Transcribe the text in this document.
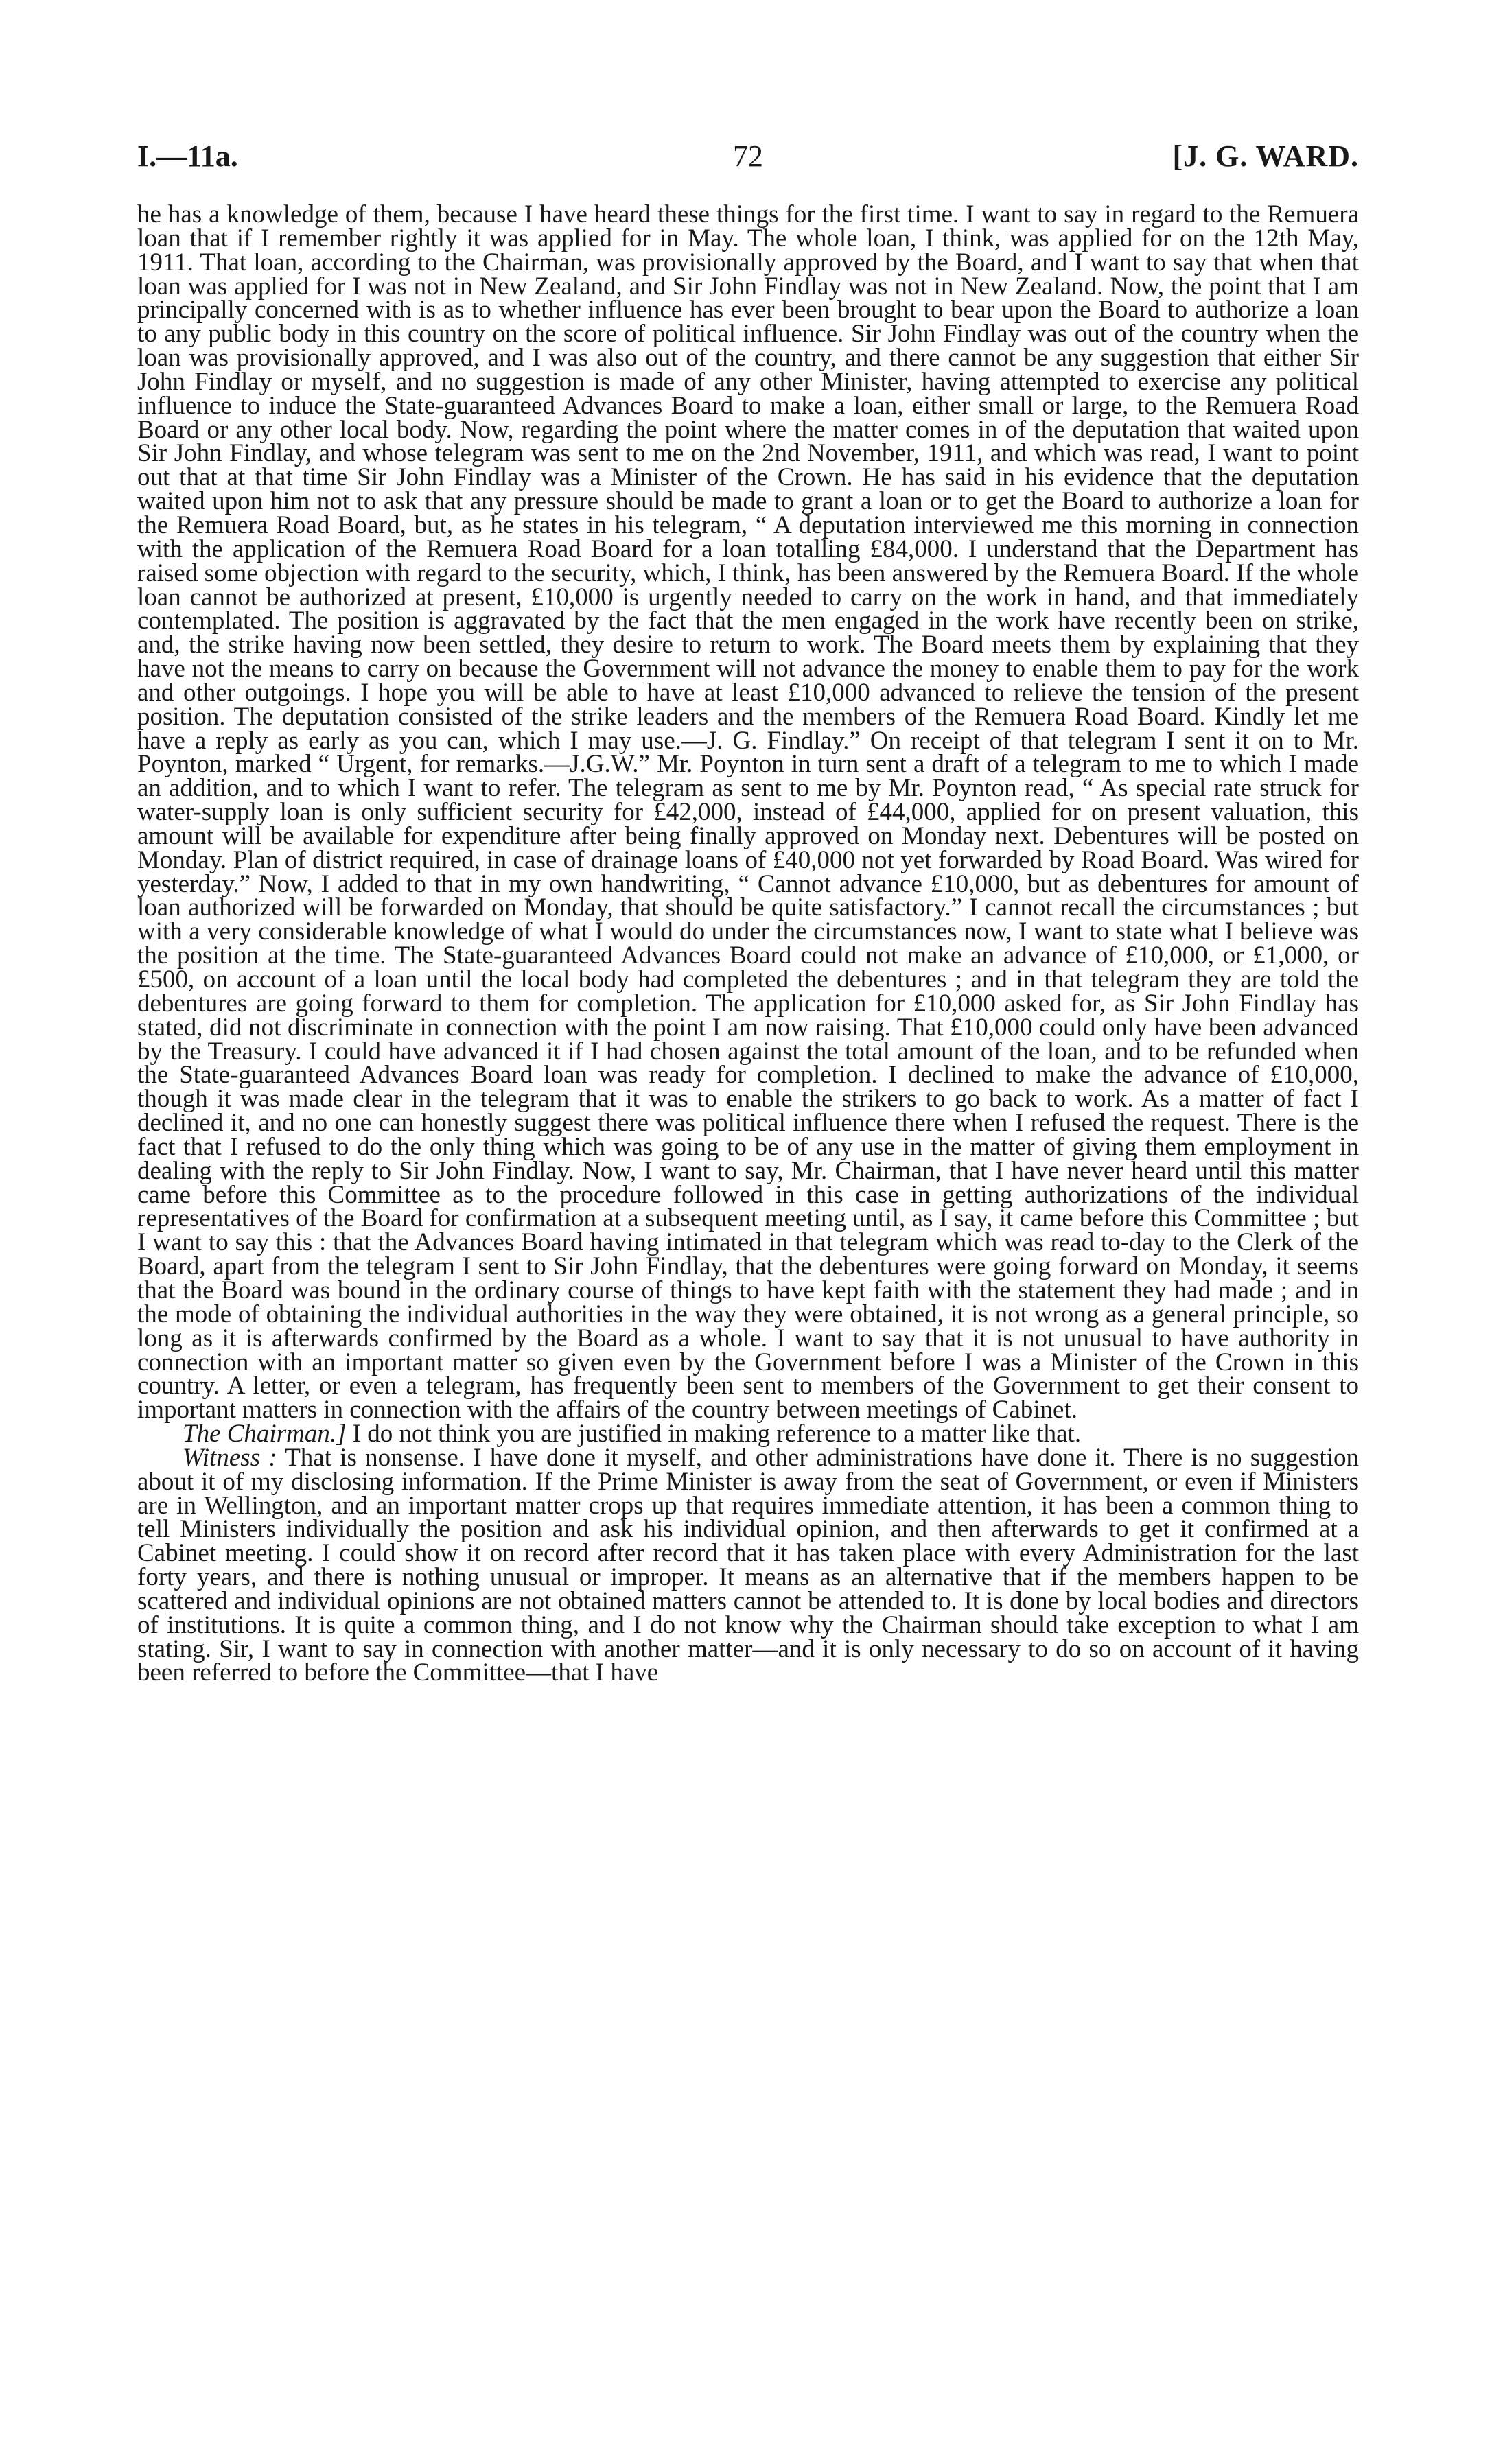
I.—11a.	72	[J. G. WARD.

he has a knowledge of them, because I have heard these things for the first time. I want to say in regard to the Remuera loan that if I remember rightly it was applied for in May. The whole loan, I think, was applied for on the 12th May, 1911. That loan, according to the Chairman, was provisionally approved by the Board, and I want to say that when that loan was applied for I was not in New Zealand, and Sir John Findlay was not in New Zealand. Now, the point that I am principally concerned with is as to whether influence has ever been brought to bear upon the Board to authorize a loan to any public body in this country on the score of political influence. Sir John Findlay was out of the country when the loan was provisionally approved, and I was also out of the country, and there cannot be any suggestion that either Sir John Findlay or myself, and no suggestion is made of any other Minister, having attempted to exercise any political influence to induce the State-guaranteed Advances Board to make a loan, either small or large, to the Remuera Road Board or any other local body. Now, regarding the point where the matter comes in of the deputation that waited upon Sir John Findlay, and whose telegram was sent to me on the 2nd November, 1911, and which was read, I want to point out that at that time Sir John Findlay was a Minister of the Crown. He has said in his evidence that the deputation waited upon him not to ask that any pressure should be made to grant a loan or to get the Board to authorize a loan for the Remuera Road Board, but, as he states in his telegram, “ A deputation interviewed me this morning in connection with the application of the Remuera Road Board for a loan totalling £84,000. I understand that the Department has raised some objection with regard to the security, which, I think, has been answered by the Remuera Board. If the whole loan cannot be authorized at present, £10,000 is urgently needed to carry on the work in hand, and that immediately contemplated. The position is aggravated by the fact that the men engaged in the work have recently been on strike, and, the strike having now been settled, they desire to return to work. The Board meets them by explaining that they have not the means to carry on because the Government will not advance the money to enable them to pay for the work and other outgoings. I hope you will be able to have at least £10,000 advanced to relieve the tension of the present position. The deputation consisted of the strike leaders and the members of the Remuera Road Board. Kindly let me have a reply as early as you can, which I may use.—J. G. Findlay.” On receipt of that telegram I sent it on to Mr. Poynton, marked “ Urgent, for remarks.—J.G.W.” Mr. Poynton in turn sent a draft of a telegram to me to which I made an addition, and to which I want to refer. The telegram as sent to me by Mr. Poynton read, “ As special rate struck for water-supply loan is only sufficient security for £42,000, instead of £44,000, applied for on present valuation, this amount will be available for expenditure after being finally approved on Monday next. Debentures will be posted on Monday. Plan of district required, in case of drainage loans of £40,000 not yet forwarded by Road Board. Was wired for yesterday.” Now, I added to that in my own handwriting, “ Cannot advance £10,000, but as debentures for amount of loan authorized will be forwarded on Monday, that should be quite satisfactory.” I cannot recall the circumstances ; but with a very considerable knowledge of what I would do under the circumstances now, I want to state what I believe was the position at the time. The State-guaranteed Advances Board could not make an advance of £10,000, or £1,000, or £500, on account of a loan until the local body had completed the debentures ; and in that telegram they are told the debentures are going forward to them for completion. The application for £10,000 asked for, as Sir John Findlay has stated, did not discriminate in connection with the point I am now raising. That £10,000 could only have been advanced by the Treasury. I could have advanced it if I had chosen against the total amount of the loan, and to be refunded when the State-guaranteed Advances Board loan was ready for completion. I declined to make the advance of £10,000, though it was made clear in the telegram that it was to enable the strikers to go back to work. As a matter of fact I declined it, and no one can honestly suggest there was political influence there when I refused the request. There is the fact that I refused to do the only thing which was going to be of any use in the matter of giving them employment in dealing with the reply to Sir John Findlay. Now, I want to say, Mr. Chairman, that I have never heard until this matter came before this Committee as to the procedure followed in this case in getting authorizations of the individual representatives of the Board for confirmation at a subsequent meeting until, as I say, it came before this Committee ; but I want to say this : that the Advances Board having intimated in that telegram which was read to-day to the Clerk of the Board, apart from the telegram I sent to Sir John Findlay, that the debentures were going forward on Monday, it seems that the Board was bound in the ordinary course of things to have kept faith with the statement they had made ; and in the mode of obtaining the individual authorities in the way they were obtained, it is not wrong as a general principle, so long as it is afterwards confirmed by the Board as a whole. I want to say that it is not unusual to have authority in connection with an important matter so given even by the Government before I was a Minister of the Crown in this country. A letter, or even a telegram, has frequently been sent to members of the Government to get their consent to important matters in connection with the affairs of the country between meetings of Cabinet.

The Chairman.] I do not think you are justified in making reference to a matter like that.

Witness : That is nonsense. I have done it myself, and other administrations have done it. There is no suggestion about it of my disclosing information. If the Prime Minister is away from the seat of Government, or even if Ministers are in Wellington, and an important matter crops up that requires immediate attention, it has been a common thing to tell Ministers individually the position and ask his individual opinion, and then afterwards to get it confirmed at a Cabinet meeting. I could show it on record after record that it has taken place with every Administration for the last forty years, and there is nothing unusual or improper. It means as an alternative that if the members happen to be scattered and individual opinions are not obtained matters cannot be attended to. It is done by local bodies and directors of institutions. It is quite a common thing, and I do not know why the Chairman should take exception to what I am stating. Sir, I want to say in connection with another matter—and it is only necessary to do so on account of it having been referred to before the Committee—that I have
